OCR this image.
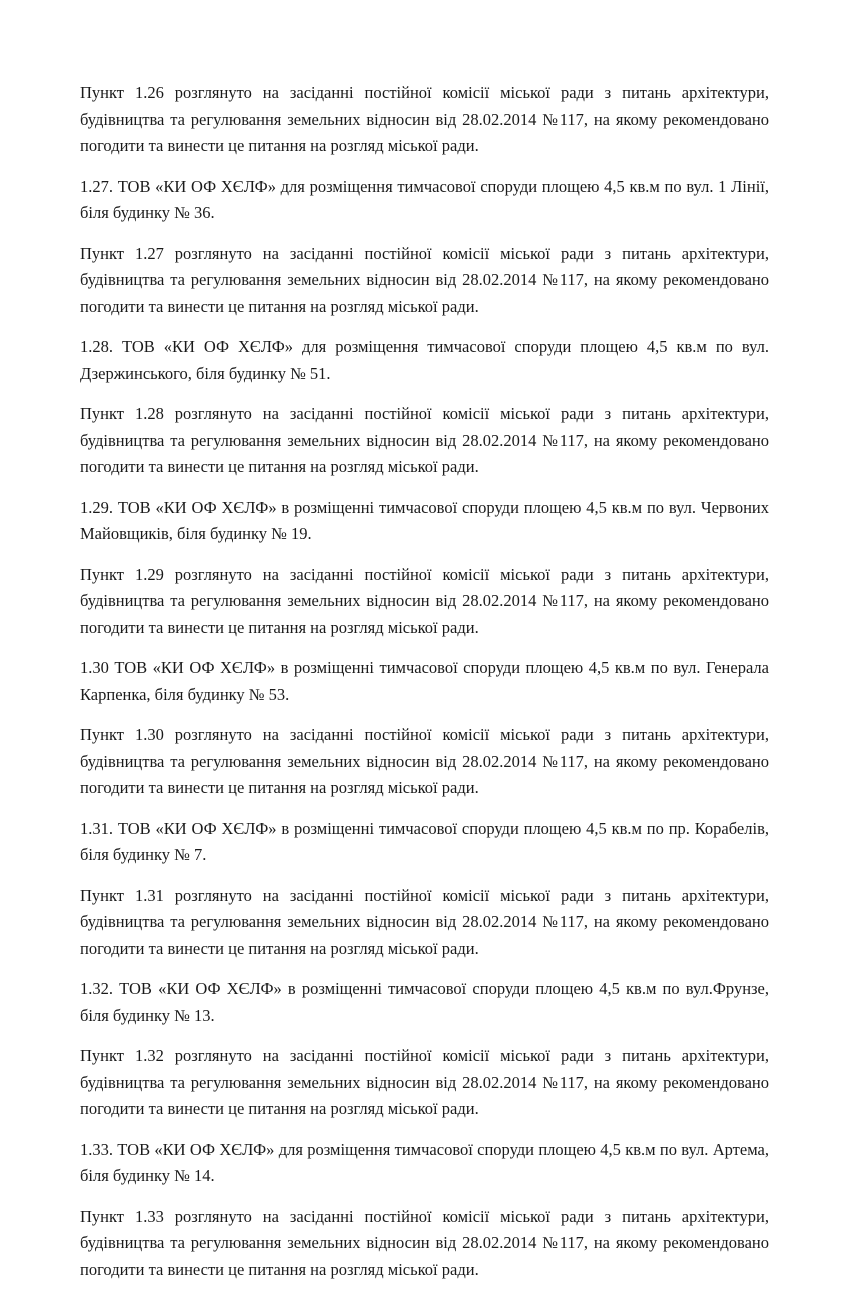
Пункт 1.26 розглянуто на засіданні постійної комісії міської ради з питань архітектури, будівництва та регулювання земельних відносин від 28.02.2014 №117, на якому рекомендовано погодити та винести це питання на розгляд міської ради.

1.27. ТОВ «КИ ОФ ХЄЛФ» для розміщення тимчасової споруди площею 4,5 кв.м по вул. 1 Лінії, біля будинку № 36.

Пункт 1.27 розглянуто на засіданні постійної комісії міської ради з питань архітектури, будівництва та регулювання земельних відносин від 28.02.2014 №117, на якому рекомендовано погодити та винести це питання на розгляд міської ради.

1.28. ТОВ «КИ ОФ ХЄЛФ» для розміщення тимчасової споруди площею 4,5 кв.м по вул. Дзержинського, біля будинку № 51.

Пункт 1.28 розглянуто на засіданні постійної комісії міської ради з питань архітектури, будівництва та регулювання земельних відносин від 28.02.2014 №117, на якому рекомендовано погодити та винести це питання на розгляд міської ради.

1.29. ТОВ «КИ ОФ ХЄЛФ» в розміщенні тимчасової споруди площею 4,5 кв.м по вул. Червоних Майовщиків, біля будинку № 19.

Пункт 1.29 розглянуто на засіданні постійної комісії міської ради з питань архітектури, будівництва та регулювання земельних відносин від 28.02.2014 №117, на якому рекомендовано погодити та винести це питання на розгляд міської ради.

1.30 ТОВ «КИ ОФ ХЄЛФ» в розміщенні тимчасової споруди площею 4,5 кв.м по вул. Генерала Карпенка, біля будинку № 53.

Пункт 1.30 розглянуто на засіданні постійної комісії міської ради з питань архітектури, будівництва та регулювання земельних відносин від 28.02.2014 №117, на якому рекомендовано погодити та винести це питання на розгляд міської ради.

1.31. ТОВ «КИ ОФ ХЄЛФ» в розміщенні тимчасової споруди площею 4,5 кв.м по пр. Корабелів, біля будинку № 7.

Пункт 1.31 розглянуто на засіданні постійної комісії міської ради з питань архітектури, будівництва та регулювання земельних відносин від 28.02.2014 №117, на якому рекомендовано погодити та винести це питання на розгляд міської ради.

1.32. ТОВ «КИ ОФ ХЄЛФ» в розміщенні тимчасової споруди площею 4,5 кв.м по вул.Фрунзе, біля будинку № 13.

Пункт 1.32 розглянуто на засіданні постійної комісії міської ради з питань архітектури, будівництва та регулювання земельних відносин від 28.02.2014 №117, на якому рекомендовано погодити та винести це питання на розгляд міської ради.

1.33. ТОВ «КИ ОФ ХЄЛФ» для розміщення тимчасової споруди площею 4,5 кв.м по вул. Артема, біля будинку № 14.

Пункт 1.33 розглянуто на засіданні постійної комісії міської ради з питань архітектури, будівництва та регулювання земельних відносин від 28.02.2014 №117, на якому рекомендовано погодити та винести це питання на розгляд міської ради.
